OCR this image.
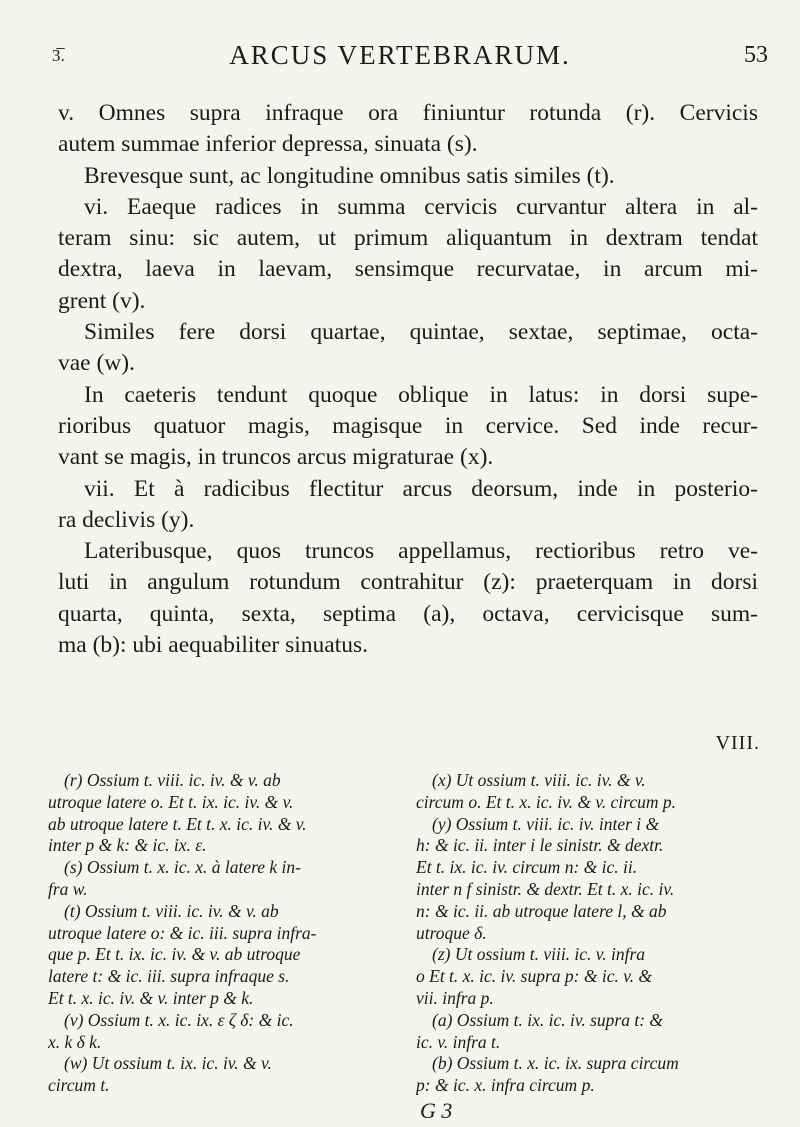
3̅.	ARCUS VERTEBRARUM.	53
v. Omnes supra infraque ora finiuntur rotunda (r). Cervicis
autem summae inferior depressa, sinuata (s).
Brevesque sunt, ac longitudine omnibus satis similes (t).
vi. Eaeque radices in summa cervicis curvantur altera in al-
teram sinu: sic autem, ut primum aliquantum in dextram tendat
dextra, laeva in laevam, sensimque recurvatae, in arcum mi-
grent (v).
Similes fere dorsi quartae, quintae, sextae, septimae, octa-
vae (w).
In caeteris tendunt quoque oblique in latus: in dorsi supe-
rioribus quatuor magis, magisque in cervice. Sed inde recur-
vant se magis, in truncos arcus migraturae (x).
vii. Et à radicibus flectitur arcus deorsum, inde in posterio-
ra declivis (y).
Lateribusque, quos truncos appellamus, rectioribus retro ve-
luti in angulum rotundum contrahitur (z): praeterquam in dorsi
quarta, quinta, sexta, septima (a), octava, cervicisque sum-
ma (b): ubi aequabiliter sinuatus.
VIII.
(r) Ossium t. viii. ic. iv. & v. ab
utroque latere o. Et t. ix. ic. iv. & v.
ab utroque latere t. Et t. x. ic. iv. & v.
inter p & k: & ic. ix. ε.
(s) Ossium t. x. ic. x. à latere k in-
fra w.
(t) Ossium t. viii. ic. iv. & v. ab
utroque latere o: & ic. iii. supra infra-
que p. Et t. ix. ic. iv. & v. ab utroque
latere t: & ic. iii. supra infraque s.
Et t. x. ic. iv. & v. inter p & k.
(v) Ossium t. x. ic. ix. ε ζ δ: & ic.
x. k δ k.
(w) Ut ossium t. ix. ic. iv. & v.
circum t.
(x) Ut ossium t. viii. ic. iv. & v.
circum o. Et t. x. ic. iv. & v. circum p.
(y) Ossium t. viii. ic. iv. inter i &
h: & ic. ii. inter i le sinistr. & dextr.
Et t. ix. ic. iv. circum n: & ic. ii.
inter n f sinistr. & dextr. Et t. x. ic. iv.
n: & ic. ii. ab utroque latere l, & ab
utroque δ.
(z) Ut ossium t. viii. ic. v. infra
o Et t. x. ic. iv. supra p: & ic. v. &
vii. infra p.
(a) Ossium t. ix. ic. iv. supra t: &
ic. v. infra t.
(b) Ossium t. x. ic. ix. supra circum
p: & ic. x. infra circum p.
G 3
